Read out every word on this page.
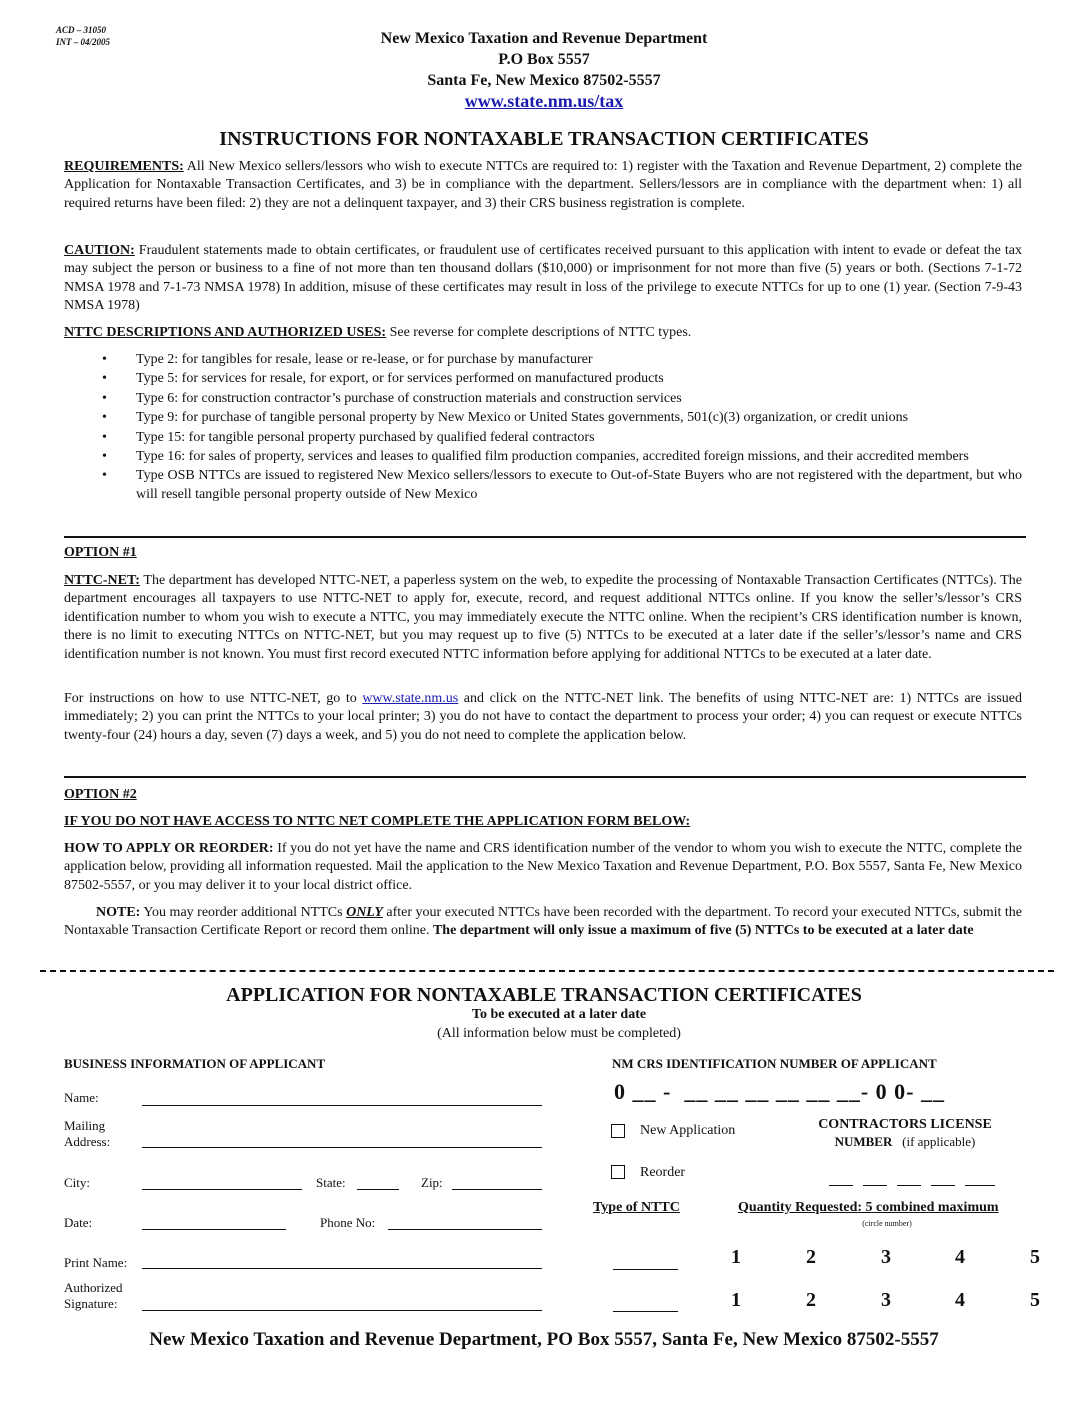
ACD – 31050
INT – 04/2005	New Mexico Taxation and Revenue Department
P.O Box 5557
Santa Fe, New Mexico 87502-5557
www.state.nm.us/tax
INSTRUCTIONS FOR NONTAXABLE TRANSACTION CERTIFICATES
REQUIREMENTS: All New Mexico sellers/lessors who wish to execute NTTCs are required to: 1) register with the Taxation and Revenue Department, 2) complete the Application for Nontaxable Transaction Certificates, and 3) be in compliance with the department. Sellers/lessors are in compliance with the department when: 1) all required returns have been filed: 2) they are not a delinquent taxpayer, and 3) their CRS business registration is complete.
CAUTION: Fraudulent statements made to obtain certificates, or fraudulent use of certificates received pursuant to this application with intent to evade or defeat the tax may subject the person or business to a fine of not more than ten thousand dollars ($10,000) or imprisonment for not more than five (5) years or both. (Sections 7-1-72 NMSA 1978 and 7-1-73 NMSA 1978) In addition, misuse of these certificates may result in loss of the privilege to execute NTTCs for up to one (1) year. (Section 7-9-43 NMSA 1978)
NTTC DESCRIPTIONS AND AUTHORIZED USES: See reverse for complete descriptions of NTTC types.
• Type 2: for tangibles for resale, lease or re-lease, or for purchase by manufacturer
• Type 5: for services for resale, for export, or for services performed on manufactured products
• Type 6: for construction contractor’s purchase of construction materials and construction services
• Type 9: for purchase of tangible personal property by New Mexico or United States governments, 501(c)(3) organization, or credit unions
• Type 15: for tangible personal property purchased by qualified federal contractors
• Type 16: for sales of property, services and leases to qualified film production companies, accredited foreign missions, and their accredited members
• Type OSB NTTCs are issued to registered New Mexico sellers/lessors to execute to Out-of-State Buyers who are not registered with the department, but who will resell tangible personal property outside of New Mexico
OPTION #1
NTTC-NET: The department has developed NTTC-NET, a paperless system on the web, to expedite the processing of Nontaxable Transaction Certificates (NTTCs). The department encourages all taxpayers to use NTTC-NET to apply for, execute, record, and request additional NTTCs online. If you know the seller’s/lessor’s CRS identification number to whom you wish to execute a NTTC, you may immediately execute the NTTC online. When the recipient’s CRS identification number is known, there is no limit to executing NTTCs on NTTC-NET, but you may request up to five (5) NTTCs to be executed at a later date if the seller’s/lessor’s name and CRS identification number is not known. You must first record executed NTTC information before applying for additional NTTCs to be executed at a later date.
For instructions on how to use NTTC-NET, go to www.state.nm.us and click on the NTTC-NET link. The benefits of using NTTC-NET are: 1) NTTCs are issued immediately; 2) you can print the NTTCs to your local printer; 3) you do not have to contact the department to process your order; 4) you can request or execute NTTCs twenty-four (24) hours a day, seven (7) days a week, and 5) you do not need to complete the application below.
OPTION #2
IF YOU DO NOT HAVE ACCESS TO NTTC NET COMPLETE THE APPLICATION FORM BELOW:
HOW TO APPLY OR REORDER: If you do not yet have the name and CRS identification number of the vendor to whom you wish to execute the NTTC, complete the application below, providing all information requested. Mail the application to the New Mexico Taxation and Revenue Department, P.O. Box 5557, Santa Fe, New Mexico 87502-5557, or you may deliver it to your local district office.
NOTE: You may reorder additional NTTCs ONLY after your executed NTTCs have been recorded with the department. To record your executed NTTCs, submit the Nontaxable Transaction Certificate Report or record them online. The department will only issue a maximum of five (5) NTTCs to be executed at a later date
APPLICATION FOR NONTAXABLE TRANSACTION CERTIFICATES
To be executed at a later date
(All information below must be completed)
BUSINESS INFORMATION OF APPLICANT	NM CRS IDENTIFICATION NUMBER OF APPLICANT
Name:
Mailing
Address:
City:	State:	Zip:
Date:	Phone No:
Print Name:
Authorized
Signature:
0 __ -  __ __ __ __ __ __- 0 0- __
New Application
Reorder
CONTRACTORS LICENSE
NUMBER (if applicable)
Type of NTTC	Quantity Requested: 5 combined maximum
(circle number)
1	2	3	4	5
1	2	3	4	5
New Mexico Taxation and Revenue Department, PO Box 5557, Santa Fe, New Mexico 87502-5557
